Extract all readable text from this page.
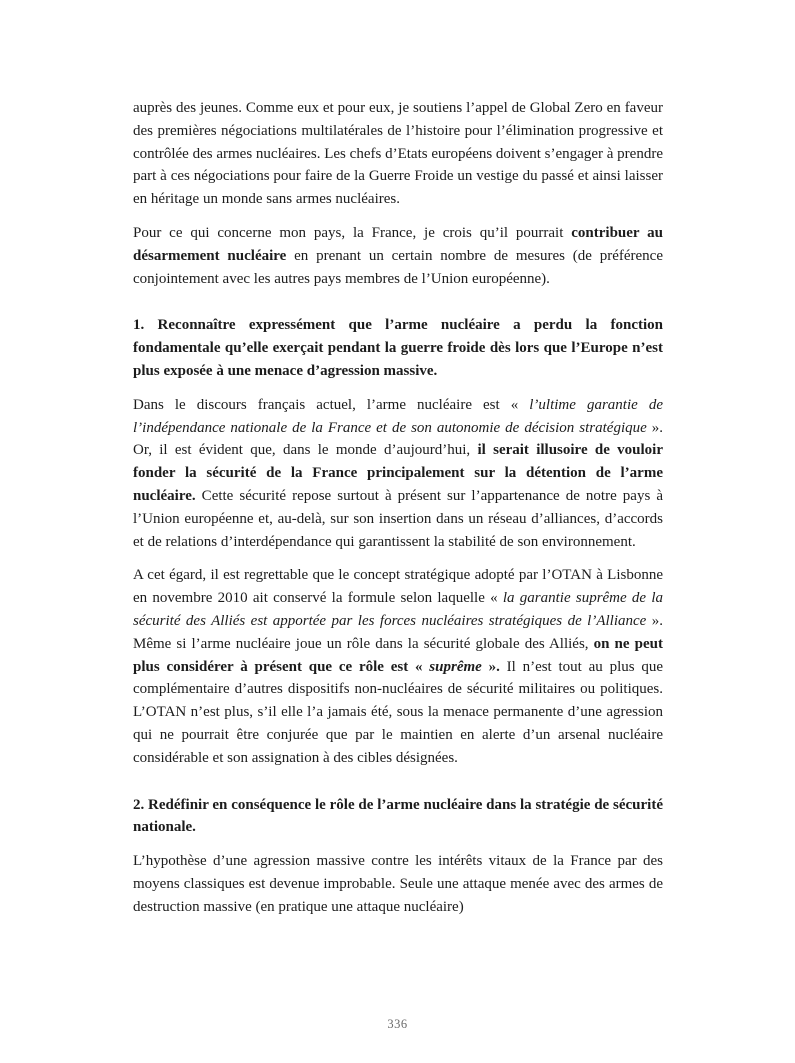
auprès des jeunes. Comme eux et pour eux, je soutiens l’appel de Global Zero en faveur des premières négociations multilatérales de l’histoire pour l’élimination progressive et contrôlée des armes nucléaires. Les chefs d’Etats européens doivent s’engager à prendre part à ces négociations pour faire de la Guerre Froide un vestige du passé et ainsi laisser en héritage un monde sans armes nucléaires.

Pour ce qui concerne mon pays, la France, je crois qu’il pourrait contribuer au désarmement nucléaire en prenant un certain nombre de mesures (de préférence conjointement avec les autres pays membres de l’Union européenne).

1. Reconnaître expressément que l’arme nucléaire a perdu la fonction fondamentale qu’elle exerçait pendant la guerre froide dès lors que l’Europe n’est plus exposée à une menace d’agression massive.

Dans le discours français actuel, l’arme nucléaire est « l’ultime garantie de l’indépendance nationale de la France et de son autonomie de décision stratégique ». Or, il est évident que, dans le monde d’aujourd’hui, il serait illusoire de vouloir fonder la sécurité de la France principalement sur la détention de l’arme nucléaire. Cette sécurité repose surtout à présent sur l’appartenance de notre pays à l’Union européenne et, au-delà, sur son insertion dans un réseau d’alliances, d’accords et de relations d’interdépendance qui garantissent la stabilité de son environnement.

A cet égard, il est regrettable que le concept stratégique adopté par l’OTAN à Lisbonne en novembre 2010 ait conservé la formule selon laquelle « la garantie suprême de la sécurité des Alliés est apportée par les forces nucléaires stratégiques de l’Alliance ». Même si l’arme nucléaire joue un rôle dans la sécurité globale des Alliés, on ne peut plus considérer à présent que ce rôle est « suprême ». Il n’est tout au plus que complémentaire d’autres dispositifs non-nucléaires de sécurité militaires ou politiques. L’OTAN n’est plus, s’il elle l’a jamais été, sous la menace permanente d’une agression qui ne pourrait être conjurée que par le maintien en alerte d’un arsenal nucléaire considérable et son assignation à des cibles désignées.

2. Redéfinir en conséquence le rôle de l’arme nucléaire dans la stratégie de sécurité nationale.

L’hypothèse d’une agression massive contre les intérêts vitaux de la France par des moyens classiques est devenue improbable. Seule une attaque menée avec des armes de destruction massive (en pratique une attaque nucléaire)

336
